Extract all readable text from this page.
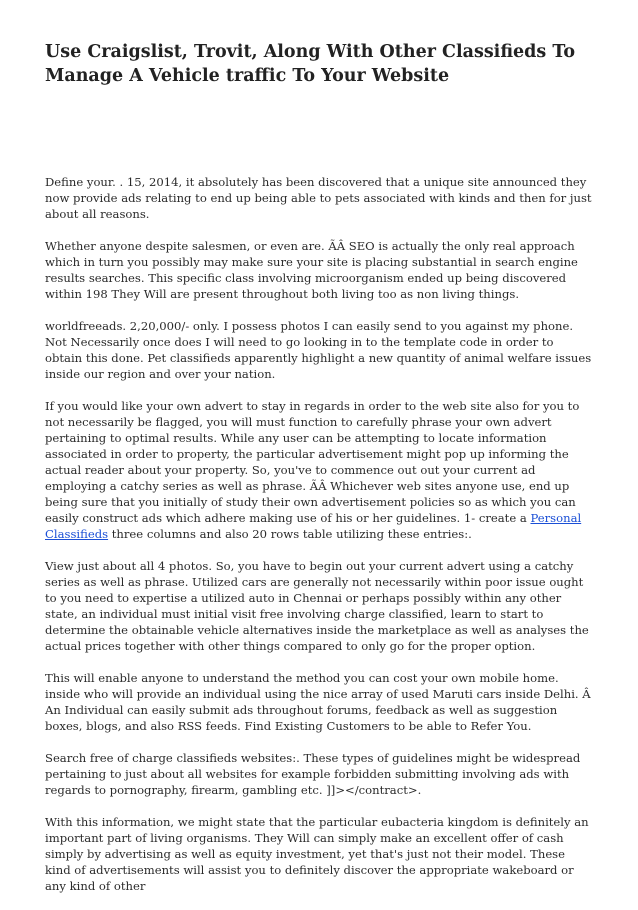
Use Craigslist, Trovit, Along With Other Classifieds To Manage A Vehicle traffic To Your Website

Define your. . 15, 2014, it absolutely has been discovered that a unique site announced they now provide ads relating to end up being able to pets associated with kinds and then for just about all reasons.

Whether anyone despite salesmen, or even are. ÃÂ SEO is actually the only real approach which in turn you possibly may make sure your site is placing substantial in search engine results searches. This specific class involving microorganism ended up being discovered within 198 They Will are present throughout both living too as non living things.

worldfreeads. 2,20,000/- only. I possess photos I can easily send to you against my phone. Not Necessarily once does I will need to go looking in to the template code in order to obtain this done. Pet classifieds apparently highlight a new quantity of animal welfare issues inside our region and over your nation.

If you would like your own advert to stay in regards in order to the web site also for you to not necessarily be flagged, you will must function to carefully phrase your own advert pertaining to optimal results. While any user can be attempting to locate information associated in order to property, the particular advertisement might pop up informing the actual reader about your property. So, you've to commence out out your current ad employing a catchy series as well as phrase. ÃÂ Whichever web sites anyone use, end up being sure that you initially of study their own advertisement policies so as which you can easily construct ads which adhere making use of his or her guidelines. 1- create a Personal Classifieds three columns and also 20 rows table utilizing these entries:.

View just about all 4 photos. So, you have to begin out your current advert using a catchy series as well as phrase. Utilized cars are generally not necessarily within poor issue ought to you need to expertise a utilized auto in Chennai or perhaps possibly within any other state, an individual must initial visit free involving charge classified, learn to start to determine the obtainable vehicle alternatives inside the marketplace as well as analyses the actual prices together with other things compared to only go for the proper option.

This will enable anyone to understand the method you can cost your own mobile home. inside who will provide an individual using the nice array of used Maruti cars inside Delhi. Â An Individual can easily submit ads throughout forums, feedback as well as suggestion boxes, blogs, and also RSS feeds. Find Existing Customers to be able to Refer You.

Search free of charge classifieds websites:. These types of guidelines might be widespread pertaining to just about all websites for example forbidden submitting involving ads with regards to pornography, firearm, gambling etc. ]]></contract>.

With this information, we might state that the particular eubacteria kingdom is definitely an important part of living organisms. They Will can simply make an excellent offer of cash simply by advertising as well as equity investment, yet that's just not their model. These kind of advertisements will assist you to definitely discover the appropriate wakeboard or any kind of other
